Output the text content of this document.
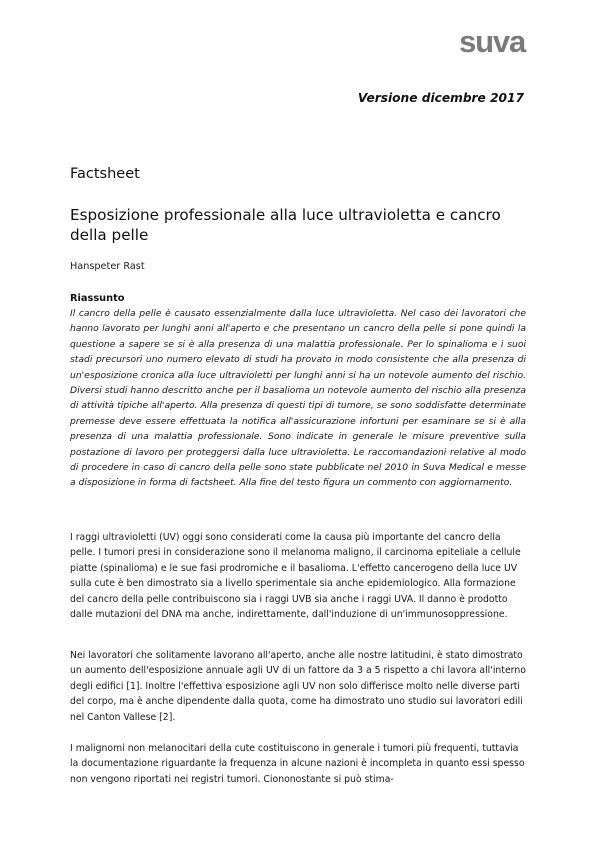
suva
Versione dicembre 2017
Factsheet
Esposizione professionale alla luce ultravioletta e cancro della pelle
Hanspeter Rast
Riassunto

Il cancro della pelle è causato essenzialmente dalla luce ultravioletta. Nel caso dei lavoratori che hanno lavorato per lunghi anni all'aperto e che presentano un cancro della pelle si pone quindi la questione a sapere se si è alla presenza di una malattia professionale. Per lo spinalioma e i suoi stadi precursori uno numero elevato di studi ha provato in modo consistente che alla presenza di un'esposizione cronica alla luce ultravioletti per lunghi anni si ha un notevole aumento del rischio. Diversi studi hanno descritto anche per il basalioma un notevole aumento del rischio alla presenza di attività tipiche all'aperto. Alla presenza di questi tipi di tumore, se sono soddisfatte determinate premesse deve essere effettuata la notifica all'assicurazione infortuni per esaminare se si è alla presenza di una malattia professionale. Sono indicate in generale le misure preventive sulla postazione di lavoro per proteggersi dalla luce ultravioletta. Le raccomandazioni relative al modo di procedere in caso di cancro della pelle sono state pubblicate nel 2010 in Suva Medical e messe a disposizione in forma di factsheet. Alla fine del testo figura un commento con aggiornamento.

I raggi ultravioletti (UV) oggi sono considerati come la causa più importante del cancro della pelle. I tumori presi in considerazione sono il melanoma maligno, il carcinoma epiteliale a cellule piatte (spinalioma) e le sue fasi prodromiche e il basalioma. L'effetto cancerogeno della luce UV sulla cute è ben dimostrato sia a livello sperimentale sia anche epidemiologico. Alla formazione del cancro della pelle contribuiscono sia i raggi UVB sia anche i raggi UVA. Il danno è prodotto dalle mutazioni del DNA ma anche, indirettamente, dall'induzione di un'immunosoppressione.

Nei lavoratori che solitamente lavorano all'aperto, anche alle nostre latitudini, è stato dimostrato un aumento dell'esposizione annuale agli UV di un fattore da 3 a 5 rispetto a chi lavora all'interno degli edifici [1]. Inoltre l'effettiva esposizione agli UV non solo differisce molto nelle diverse parti del corpo, ma è anche dipendente dalla quota, come ha dimostrato uno studio sui lavoratori edili nel Canton Vallese [2].

I malignomi non melanocitari della cute costituiscono in generale i tumori più frequenti, tuttavia la documentazione riguardante la frequenza in alcune nazioni è incompleta in quanto essi spesso non vengono riportati nei registri tumori. Ciononostante si può stima-
